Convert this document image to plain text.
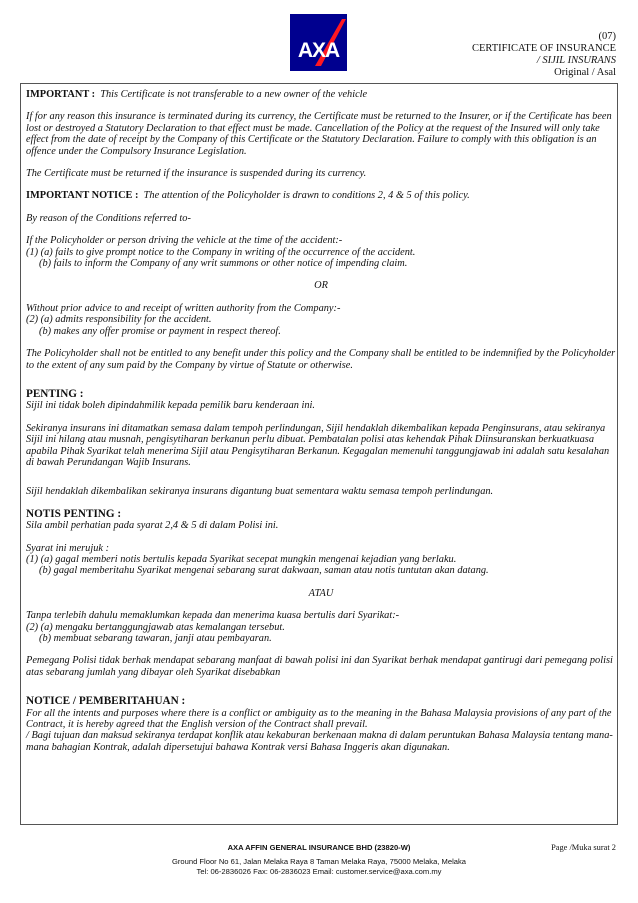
AXA
(07)
CERTIFICATE OF INSURANCE
/ SIJIL INSURANS
Original / Asal

IMPORTANT : This Certificate is not transferable to a new owner of the vehicle

If for any reason this insurance is terminated during its currency, the Certificate must be returned to the Insurer, or if the Certificate has been lost or destroyed a Statutory Declaration to that effect must be made. Cancellation of the Policy at the request of the Insured will only take effect from the date of receipt by the Company of this Certificate or the Statutory Declaration. Failure to comply with this obligation is an offence under the Compulsory Insurance Legislation.

The Certificate must be returned if the insurance is suspended during its currency.

IMPORTANT NOTICE : The attention of the Policyholder is drawn to conditions 2, 4 & 5 of this policy.

By reason of the Conditions referred to-

If the Policyholder or person driving the vehicle at the time of the accident:-

(1) (a) fails to give prompt notice to the Company in writing of the occurrence of the accident.

(b) fails to inform the Company of any writ summons or other notice of impending claim.

OR

Without prior advice to and receipt of written authority from the Company:-

(2) (a) admits responsibility for the accident.

(b) makes any offer promise or payment in respect thereof.

The Policyholder shall not be entitled to any benefit under this policy and the Company shall be entitled to be indemnified by the Policyholder to the extent of any sum paid by the Company by virtue of Statute or otherwise.

PENTING :

Sijil ini tidak boleh dipindahmilik kepada pemilik baru kenderaan ini.

Sekiranya insurans ini ditamatkan semasa dalam tempoh perlindungan, Sijil hendaklah dikembalikan kepada Penginsurans, atau sekiranya Sijil ini hilang atau musnah, pengisytiharan berkanun perlu dibuat. Pembatalan polisi atas kehendak Pihak Diinsuranskan berkuatkuasa apabila Pihak Syarikat telah menerima Sijil atau Pengisytiharan Berkanun. Kegagalan memenuhi tanggungjawab ini adalah satu kesalahan di bawah Perundangan Wajib Insurans.

Sijil hendaklah dikembalikan sekiranya insurans digantung buat sementara waktu semasa tempoh perlindungan.

NOTIS PENTING :

Sila ambil perhatian pada syarat 2,4 & 5 di dalam Polisi ini.

Syarat ini merujuk :

(1) (a) gagal memberi notis bertulis kepada Syarikat secepat mungkin mengenai kejadian yang berlaku.

(b) gagal memberitahu Syarikat mengenai sebarang surat dakwaan, saman atau notis tuntutan akan datang.

ATAU

Tanpa terlebih dahulu memaklumkan kepada dan menerima kuasa bertulis dari Syarikat:-

(2) (a) mengaku bertanggungjawab atas kemalangan tersebut.

(b) membuat sebarang tawaran, janji atau pembayaran.

Pemegang Polisi tidak berhak mendapat sebarang manfaat di bawah polisi ini dan Syarikat berhak mendapat gantirugi dari pemegang polisi atas sebarang jumlah yang dibayar oleh Syarikat disebabkan

NOTICE / PEMBERITAHUAN :

For all the intents and purposes where there is a conflict or ambiguity as to the meaning in the Bahasa Malaysia provisions of any part of the Contract, it is hereby agreed that the English version of the Contract shall prevail.

/ Bagi tujuan dan maksud sekiranya terdapat konflik atau kekaburan berkenaan makna di dalam peruntukan Bahasa Malaysia tentang mana-mana bahagian Kontrak, adalah dipersetujui bahawa Kontrak versi Bahasa Inggeris akan digunakan.

AXA AFFIN GENERAL INSURANCE BHD (23820-W)	Page /Muka surat 2
Ground Floor No 61, Jalan Melaka Raya 8 Taman Melaka Raya, 75000 Melaka, Melaka
Tel: 06-2836026 Fax: 06-2836023 Email: customer.service@axa.com.my
